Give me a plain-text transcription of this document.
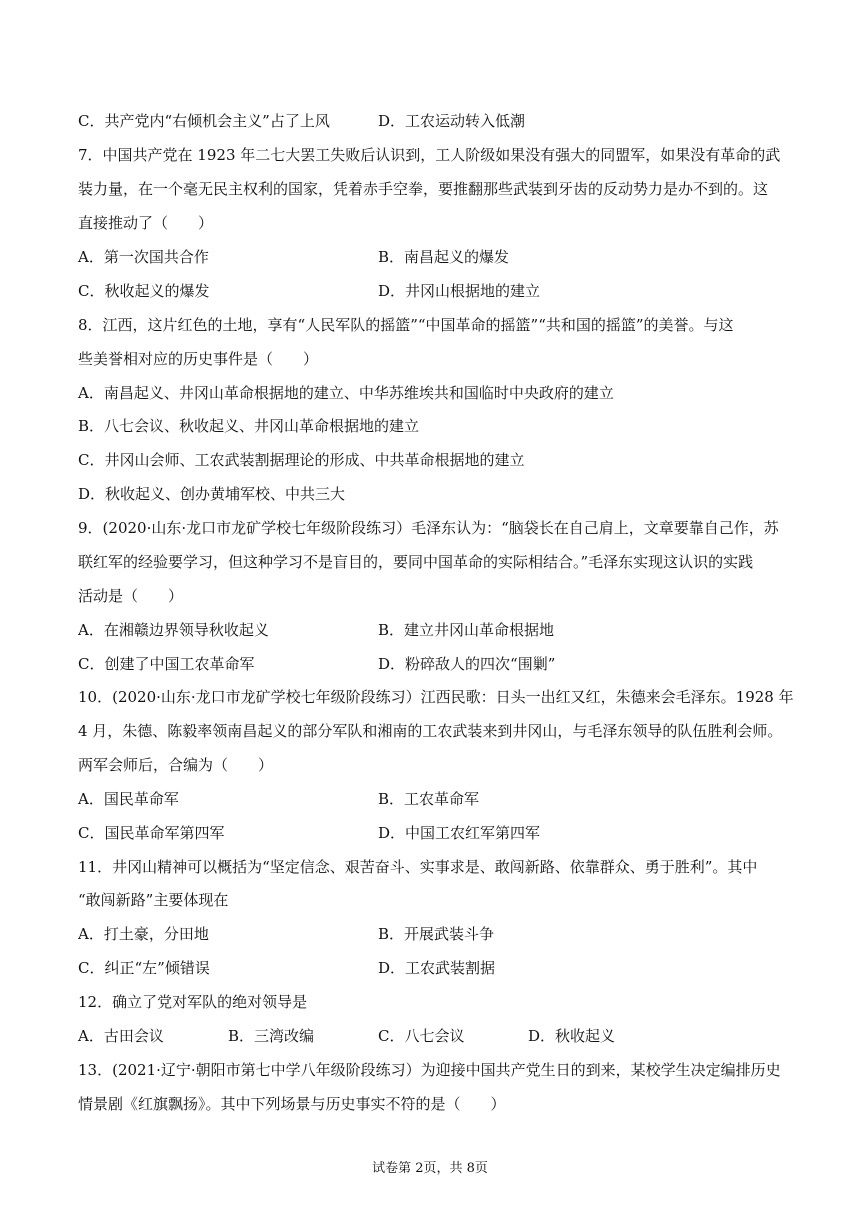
C．共产党内“右倾机会主义”占了上风	D．工农运动转入低潮
7．中国共产党在 1923 年二七大罢工失败后认识到，工人阶级如果没有强大的同盟军，如果没有革命的武
装力量，在一个毫无民主权利的国家，凭着赤手空拳，要推翻那些武装到牙齿的反动势力是办不到的。这
直接推动了（　　）
A．第一次国共合作	B．南昌起义的爆发
C．秋收起义的爆发	D．井冈山根据地的建立
8．江西，这片红色的土地，享有“人民军队的摇篮”“中国革命的摇篮”“共和国的摇篮”的美誉。与这
些美誉相对应的历史事件是（　　）
A．南昌起义、井冈山革命根据地的建立、中华苏维埃共和国临时中央政府的建立
B．八七会议、秋收起义、井冈山革命根据地的建立
C．井冈山会师、工农武装割据理论的形成、中共革命根据地的建立
D．秋收起义、创办黄埔军校、中共三大
9．(2020·山东·龙口市龙矿学校七年级阶段练习）毛泽东认为：“脑袋长在自己肩上，文章要靠自己作，苏
联红军的经验要学习，但这种学习不是盲目的，要同中国革命的实际相结合。”毛泽东实现这认识的实践
活动是（　　）
A．在湘赣边界领导秋收起义	B．建立井冈山革命根据地
C．创建了中国工农革命军	D．粉碎敌人的四次“围剿”
10．(2020·山东·龙口市龙矿学校七年级阶段练习）江西民歌：日头一出红又红，朱德来会毛泽东。1928 年
4 月，朱德、陈毅率领南昌起义的部分军队和湘南的工农武装来到井冈山，与毛泽东领导的队伍胜利会师。
两军会师后，合编为（　　）
A．国民革命军	B．工农革命军
C．国民革命军第四军	D．中国工农红军第四军
11．井冈山精神可以概括为“坚定信念、艰苦奋斗、实事求是、敢闯新路、依靠群众、勇于胜利”。其中
“敢闯新路”主要体现在
A．打土豪，分田地	B．开展武装斗争
C．纠正“左”倾错误	D．工农武装割据
12．确立了党对军队的绝对领导是
A．古田会议	B．三湾改编	C．八七会议	D．秋收起义
13．(2021·辽宁·朝阳市第七中学八年级阶段练习）为迎接中国共产党生日的到来，某校学生决定编排历史
情景剧《红旗飘扬》。其中下列场景与历史事实不符的是（　　）
试卷第 2页，共 8页
